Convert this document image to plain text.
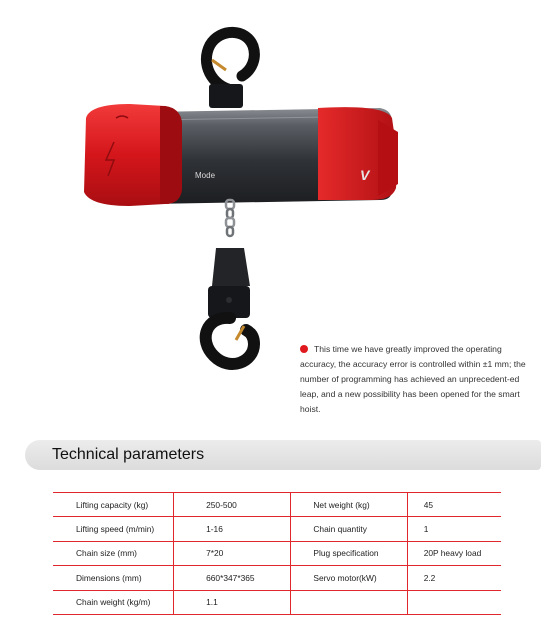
Mode	V
This time we have greatly improved the operating accuracy, the accuracy error is controlled within ±1 mm; the number of programming has achieved an unprecedent-ed leap, and a new possibility has been opened for the smart hoist.
Technical parameters
Lifting capacity (kg)	250-500	Net weight (kg)	45
Lifting speed (m/min)	1-16	Chain quantity	1
Chain size (mm)	7*20	Plug specification	20P heavy load
Dimensions (mm)	660*347*365	Servo motor(kW)	2.2
Chain weight (kg/m)	1.1		
